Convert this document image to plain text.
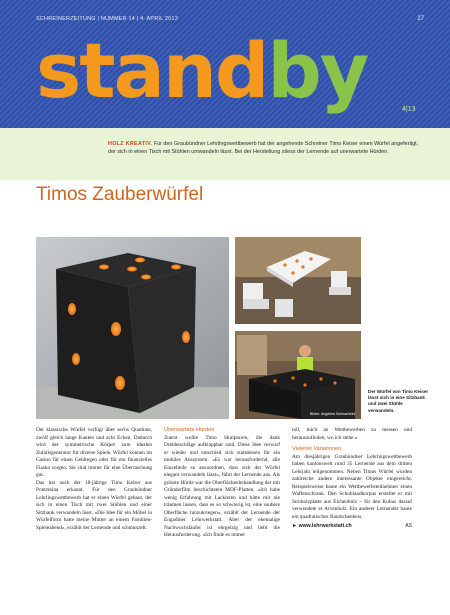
SCHREINERZEITUNG | NUMMER 14 | 4. APRIL 2013	27
standby	4|13
HOLZ KREATIV. Für den Graubündner Lehrlingswettbewerb hat der angehende Schreiner Timo Keiser einen Würfel angefertigt, der sich in einen Tisch mit Stühlen umwandeln lässt. Bei der Herstellung stiess der Lernende auf unerwartete Hürden.
Timos Zauberwürfel
Bilder: Angelina Schnarrbühl
Der Würfel von Timo Keiser lässt sich in eine Sitzbank und zwei Stühle verwandeln.

Der klassische Würfel verfügt über sechs Quadrate, zwölf gleich lange Kanten und acht Ecken. Dadurch wird der symmetrische Körper zum idealen Zufallsgenerator für diverse Spiele. Würfel können im Casino für einen Geldregen oder für ein finanzielles Fiasko sorgen. Sie sind immer für eine Überraschung gut.

Das hat auch der 18-jährige Timo Keiser aus Pontresina erkannt. Für den Graubündner Lehrlingswettbewerb hat er einen Würfel gebaut, der sich in einen Tisch mit zwei Stühlen und einer Sitzbank verwandeln lässt. «Die Idee für ein Möbel in Würfelform hatte meine Mutter an einem Familien-Spieleabend», erzählt der Lernende und schmunzelt.

Unerwartete Hürden

Zuerst wollte Timo Skulpturen, die dank Drehbeschläge aufklappbar sind. Diese Idee verwarf er wieder und entschied sich stattdessen für ein mobiles Aussystem. «Es war herausfordernd, alle Einzelteile so anzuordnen, dass sich der Würfel elegant verwandeln lässt», führt der Lernende aus. Als grösste Hürde war die Oberflächenbehandlung der mit Gründerfilm beschichteten MDF-Platten. «Ich habe wenig Erfahrung mit Lackieren und hätte mir nie träumen lassen, dass es so schwierig ist, eine saubere Oberfläche hinzukriegen», erzählt der Lernende der Engadiner Lehrwerkstatt. Aber der ehemalige Nachwuchsläufer ist ehrgeizig und liebt die Herausforderung. «Ich finde es immer

toll, mich an Wettbewerben zu messen und herauszufinden, wo ich stehe.»

Vielerlei Variationen

Am diesjährigen Graubündner Lehrlingswettbewerb haben kantonsweit rund 35 Lernende aus dem dritten Lehrjahr teilgenommen. Neben Timos Würfel wurden zahlreiche andere interessante Objekte eingereicht. Beispielsweise baute ein Wettbewerbsteilnehmer einen Waffenschrank. Den Schublandkorpus erstellte er mit Stroholzplatte aus Eichenholz – für den Kubus darauf verwendete er Arvenholz. Ein anderer Lernender baute ein quadratisches Baumchenbeis.

► www.lehrwerkstatt.ch	AS
